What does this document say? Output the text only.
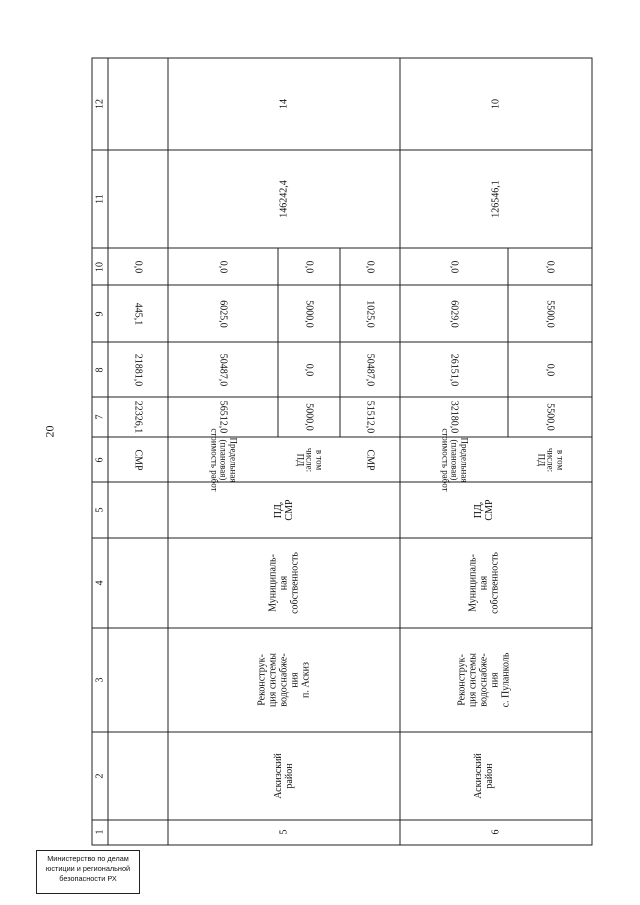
20
1
2
3
4
5
6
7
8
9
10
11
12
СМР
22326,1
21881,0
445,1
0,0
5
Аскизский
район
Реконструк-
ция системы
водоснабже-
ния
п. Аскиз
Муниципаль-
ная
собственность
ПД,
СМР
Предельная
(плановая)
стоимость работ
56512,0
50487,0
6025,0
0,0
в том
числе:
ПД
5000,0
0,0
5000,0
0,0
СМР
51512,0
50487,0
1025,0
0,0
146242,4
14
6
Аскизский
район
Реконструк-
ция системы
водоснабже-
ния
с. Пуланколь
Муниципаль-
ная
собственность
ПД,
СМР
Предельная
(плановая)
стоимость работ
32180,0
26151,0
6029,0
0,0
в том
числе:
ПД
5500,0
0,0
5500,0
0,0
126546,1
10
Министерство по делам
юстиции и региональной
безопасности РХ
